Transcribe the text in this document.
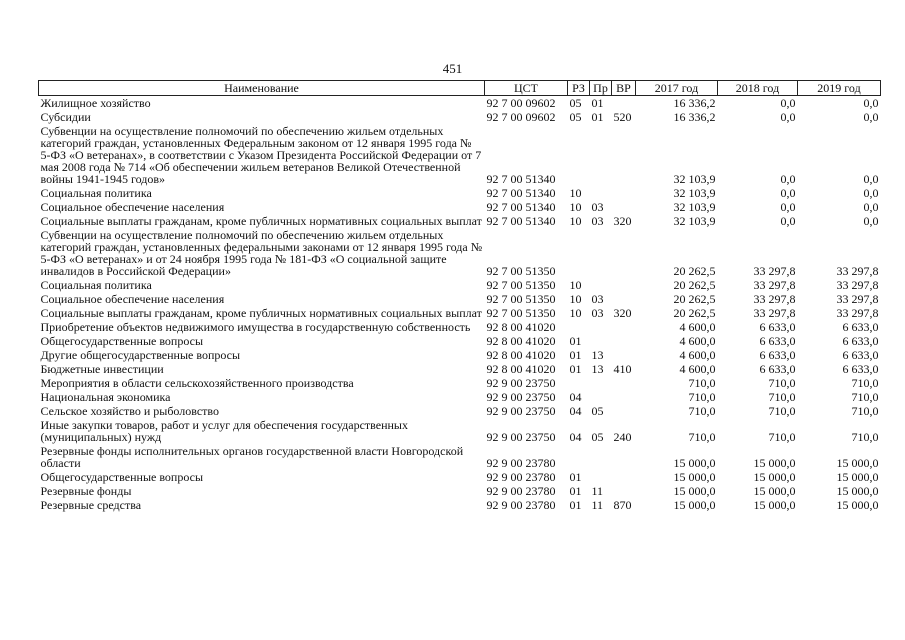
451
Наименование	ЦСТ	РЗ	Пр	ВР	2017 год	2018 год	2019 год
Жилищное хозяйство	92 7 00 09602	05	01		16 336,2	0,0	0,0
Субсидии	92 7 00 09602	05	01	520	16 336,2	0,0	0,0
Субвенции на осуществление полномочий по обеспечению жильем отдельных категорий граждан, установленных Федеральным законом от 12 января 1995 года № 5-ФЗ «О ветеранах», в соответствии с Указом Президента Российской Федерации от 7 мая 2008 года № 714 «Об обеспечении жильем ветеранов Великой Отечественной войны 1941-1945 годов»	92 7 00 51340				32 103,9	0,0	0,0
Социальная политика	92 7 00 51340	10			32 103,9	0,0	0,0
Социальное обеспечение населения	92 7 00 51340	10	03		32 103,9	0,0	0,0
Социальные выплаты гражданам, кроме публичных нормативных социальных выплат	92 7 00 51340	10	03	320	32 103,9	0,0	0,0
Субвенции на осуществление полномочий по обеспечению жильем отдельных категорий граждан, установленных федеральными законами от 12 января 1995 года № 5-ФЗ «О ветеранах» и от 24 ноября 1995 года № 181-ФЗ «О социальной защите инвалидов в Российской Федерации»	92 7 00 51350				20 262,5	33 297,8	33 297,8
Социальная политика	92 7 00 51350	10			20 262,5	33 297,8	33 297,8
Социальное обеспечение населения	92 7 00 51350	10	03		20 262,5	33 297,8	33 297,8
Социальные выплаты гражданам, кроме публичных нормативных социальных выплат	92 7 00 51350	10	03	320	20 262,5	33 297,8	33 297,8
Приобретение объектов недвижимого имущества в государственную собственность	92 8 00 41020				4 600,0	6 633,0	6 633,0
Общегосударственные вопросы	92 8 00 41020	01			4 600,0	6 633,0	6 633,0
Другие общегосударственные вопросы	92 8 00 41020	01	13		4 600,0	6 633,0	6 633,0
Бюджетные инвестиции	92 8 00 41020	01	13	410	4 600,0	6 633,0	6 633,0
Мероприятия в области сельскохозяйственного производства	92 9 00 23750				710,0	710,0	710,0
Национальная экономика	92 9 00 23750	04			710,0	710,0	710,0
Сельское хозяйство и рыболовство	92 9 00 23750	04	05		710,0	710,0	710,0
Иные закупки товаров, работ и услуг для обеспечения государственных (муниципальных) нужд	92 9 00 23750	04	05	240	710,0	710,0	710,0
Резервные фонды исполнительных органов государственной власти Новгородской области	92 9 00 23780				15 000,0	15 000,0	15 000,0
Общегосударственные вопросы	92 9 00 23780	01			15 000,0	15 000,0	15 000,0
Резервные фонды	92 9 00 23780	01	11		15 000,0	15 000,0	15 000,0
Резервные средства	92 9 00 23780	01	11	870	15 000,0	15 000,0	15 000,0
